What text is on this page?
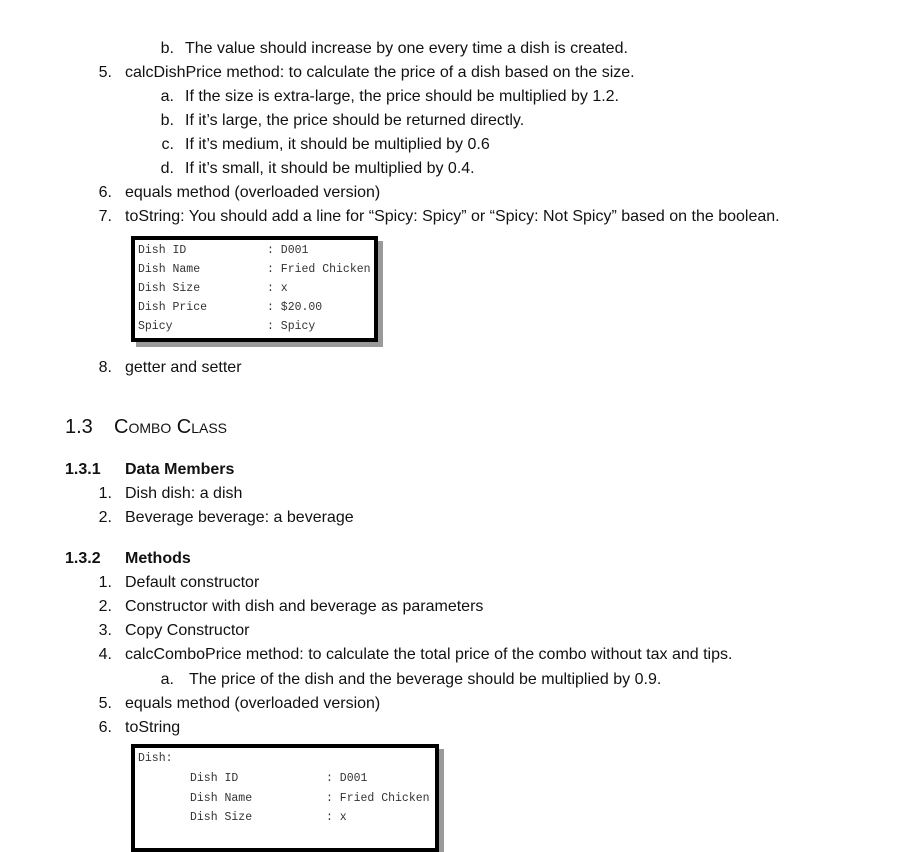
b. The value should increase by one every time a dish is created.
5. calcDishPrice method: to calculate the price of a dish based on the size.
a. If the size is extra-large, the price should be multiplied by 1.2.
b. If it’s large, the price should be returned directly.
c. If it’s medium, it should be multiplied by 0.6
d. If it’s small, it should be multiplied by 0.4.
6. equals method (overloaded version)
7. toString: You should add a line for “Spicy: Spicy” or “Spicy: Not Spicy” based on the boolean.
Dish ID	: D001
Dish Name	: Fried Chicken
Dish Size	: x
Dish Price	: $20.00
Spicy	: Spicy
8. getter and setter
1.3 Combo Class
1.3.1 Data Members
1. Dish dish: a dish
2. Beverage beverage: a beverage
1.3.2 Methods
1. Default constructor
2. Constructor with dish and beverage as parameters
3. Copy Constructor
4. calcComboPrice method: to calculate the total price of the combo without tax and tips.
a. The price of the dish and the beverage should be multiplied by 0.9.
5. equals method (overloaded version)
6. toString
Dish:
Dish ID	: D001
Dish Name	: Fried Chicken
Dish Size	: x
